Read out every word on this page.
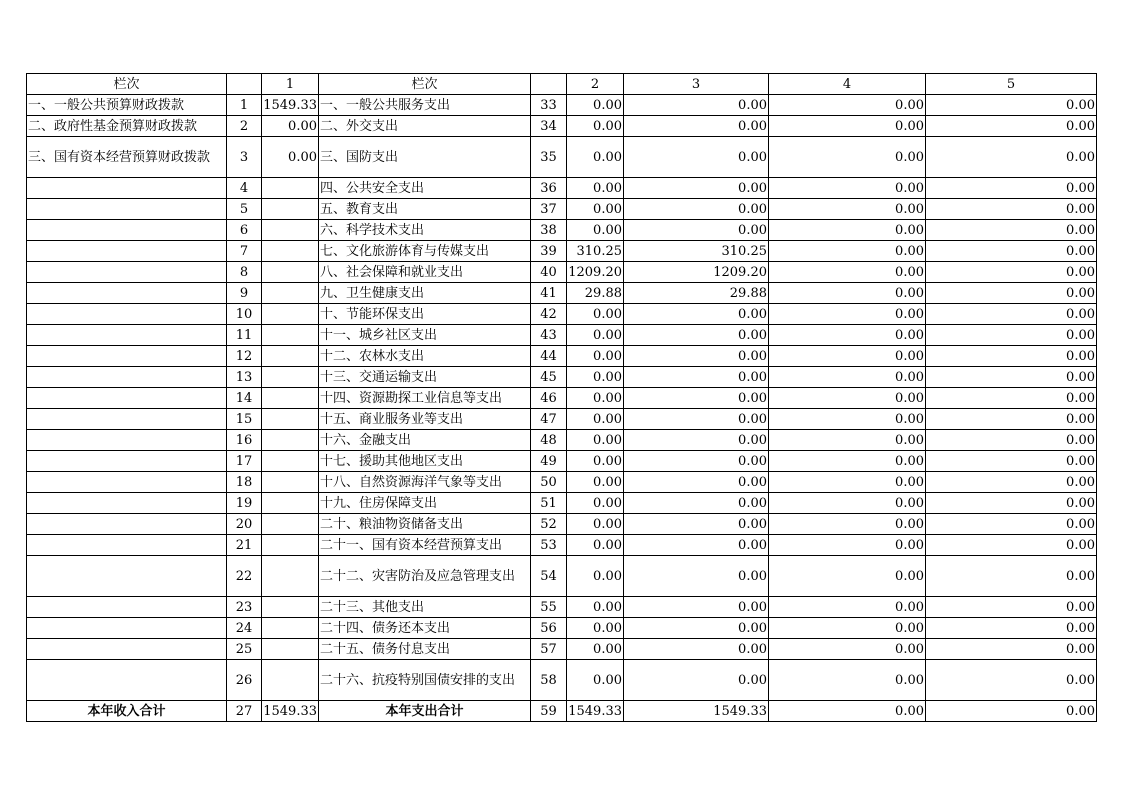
栏次		1	栏次		2	3	4	5
一、一般公共预算财政拨款	1	1549.33	一、一般公共服务支出	33	0.00	0.00	0.00	0.00
二、政府性基金预算财政拨款	2	0.00	二、外交支出	34	0.00	0.00	0.00	0.00
三、国有资本经营预算财政拨款	3	0.00	三、国防支出	35	0.00	0.00	0.00	0.00
	4		四、公共安全支出	36	0.00	0.00	0.00	0.00
	5		五、教育支出	37	0.00	0.00	0.00	0.00
	6		六、科学技术支出	38	0.00	0.00	0.00	0.00
	7		七、文化旅游体育与传媒支出	39	310.25	310.25	0.00	0.00
	8		八、社会保障和就业支出	40	1209.20	1209.20	0.00	0.00
	9		九、卫生健康支出	41	29.88	29.88	0.00	0.00
	10		十、节能环保支出	42	0.00	0.00	0.00	0.00
	11		十一、城乡社区支出	43	0.00	0.00	0.00	0.00
	12		十二、农林水支出	44	0.00	0.00	0.00	0.00
	13		十三、交通运输支出	45	0.00	0.00	0.00	0.00
	14		十四、资源勘探工业信息等支出	46	0.00	0.00	0.00	0.00
	15		十五、商业服务业等支出	47	0.00	0.00	0.00	0.00
	16		十六、金融支出	48	0.00	0.00	0.00	0.00
	17		十七、援助其他地区支出	49	0.00	0.00	0.00	0.00
	18		十八、自然资源海洋气象等支出	50	0.00	0.00	0.00	0.00
	19		十九、住房保障支出	51	0.00	0.00	0.00	0.00
	20		二十、粮油物资储备支出	52	0.00	0.00	0.00	0.00
	21		二十一、国有资本经营预算支出	53	0.00	0.00	0.00	0.00
	22		二十二、灾害防治及应急管理支出	54	0.00	0.00	0.00	0.00
	23		二十三、其他支出	55	0.00	0.00	0.00	0.00
	24		二十四、债务还本支出	56	0.00	0.00	0.00	0.00
	25		二十五、债务付息支出	57	0.00	0.00	0.00	0.00
	26		二十六、抗疫特别国债安排的支出	58	0.00	0.00	0.00	0.00
本年收入合计	27	1549.33	本年支出合计	59	1549.33	1549.33	0.00	0.00
